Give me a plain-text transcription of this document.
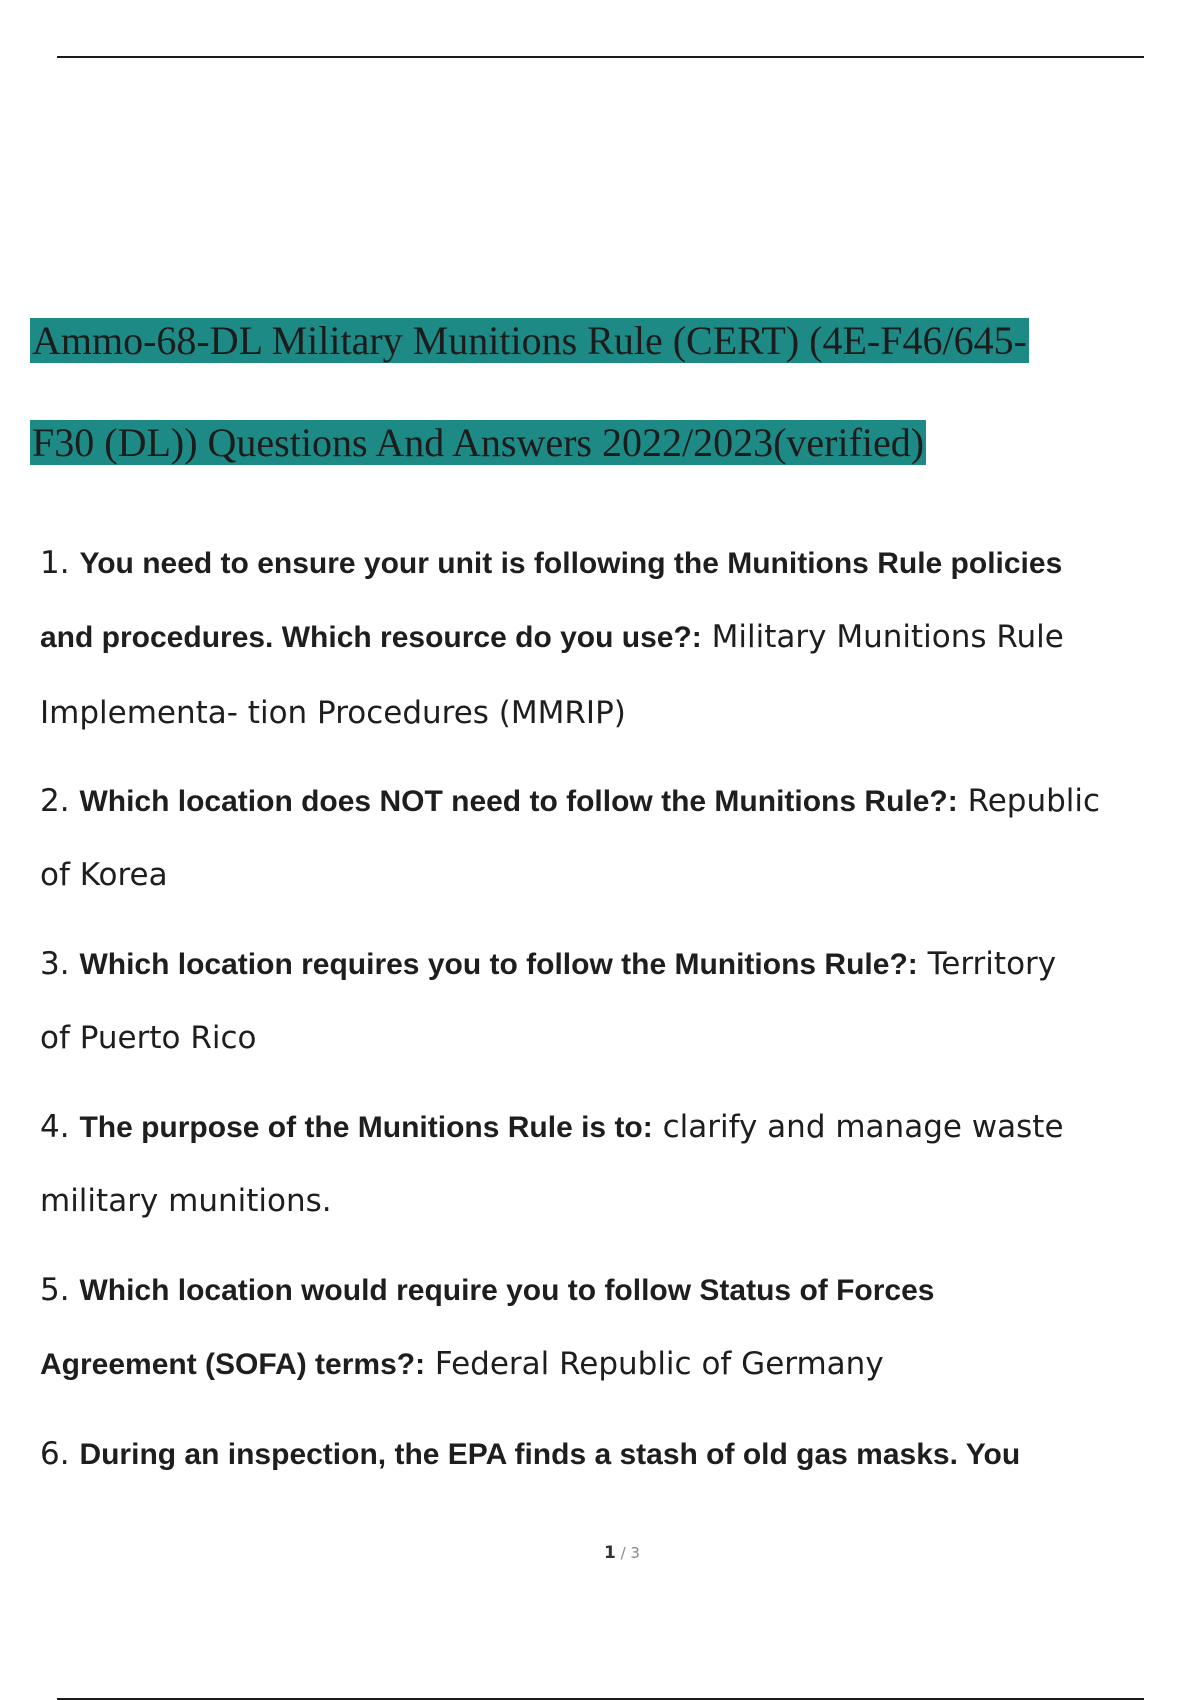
Ammo-68-DL Military Munitions Rule (CERT) (4E-F46/645-
F30 (DL)) Questions And Answers 2022/2023(verified)
1. You need to ensure your unit is following the Munitions Rule policies
and procedures. Which resource do you use?: Military Munitions Rule
Implementa- tion Procedures (MMRIP)
2. Which location does NOT need to follow the Munitions Rule?: Republic
of Korea
3. Which location requires you to follow the Munitions Rule?: Territory
of Puerto Rico
4. The purpose of the Munitions Rule is to: clarify and manage waste
military munitions.
5. Which location would require you to follow Status of Forces
Agreement (SOFA) terms?: Federal Republic of Germany
6. During an inspection, the EPA finds a stash of old gas masks. You
1 / 3
